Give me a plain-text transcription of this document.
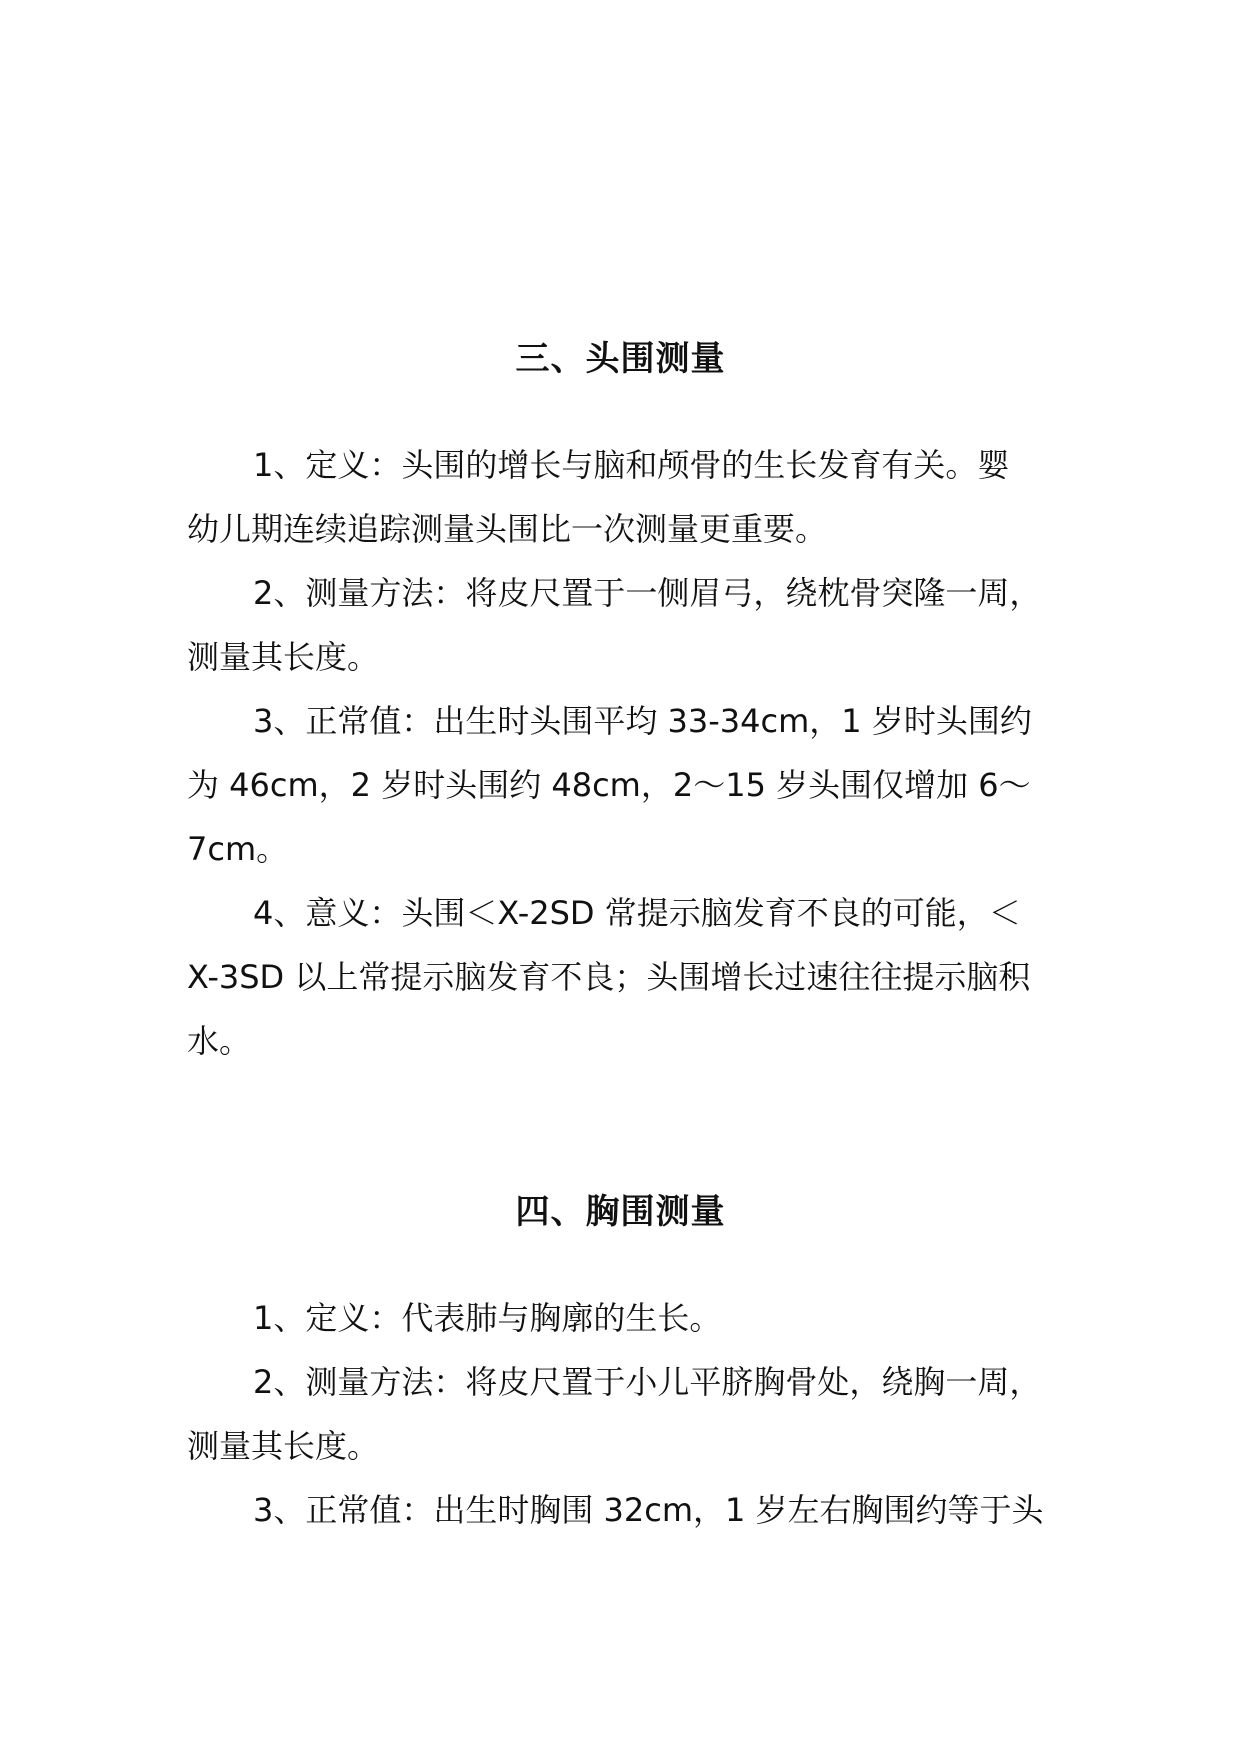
三、头围测量
1、定义：头围的增长与脑和颅骨的生长发育有关。婴
幼儿期连续追踪测量头围比一次测量更重要。
2、测量方法：将皮尺置于一侧眉弓，绕枕骨突隆一周，
测量其长度。
3、正常值：出生时头围平均 33-34cm，1 岁时头围约
为 46cm，2 岁时头围约 48cm，2～15 岁头围仅增加 6～
7cm。
4、意义：头围＜X-2SD 常提示脑发育不良的可能，＜
X-3SD 以上常提示脑发育不良；头围增长过速往往提示脑积
水。
四、胸围测量
1、定义：代表肺与胸廓的生长。
2、测量方法：将皮尺置于小儿平脐胸骨处，绕胸一周，
测量其长度。
3、正常值：出生时胸围 32cm，1 岁左右胸围约等于头
